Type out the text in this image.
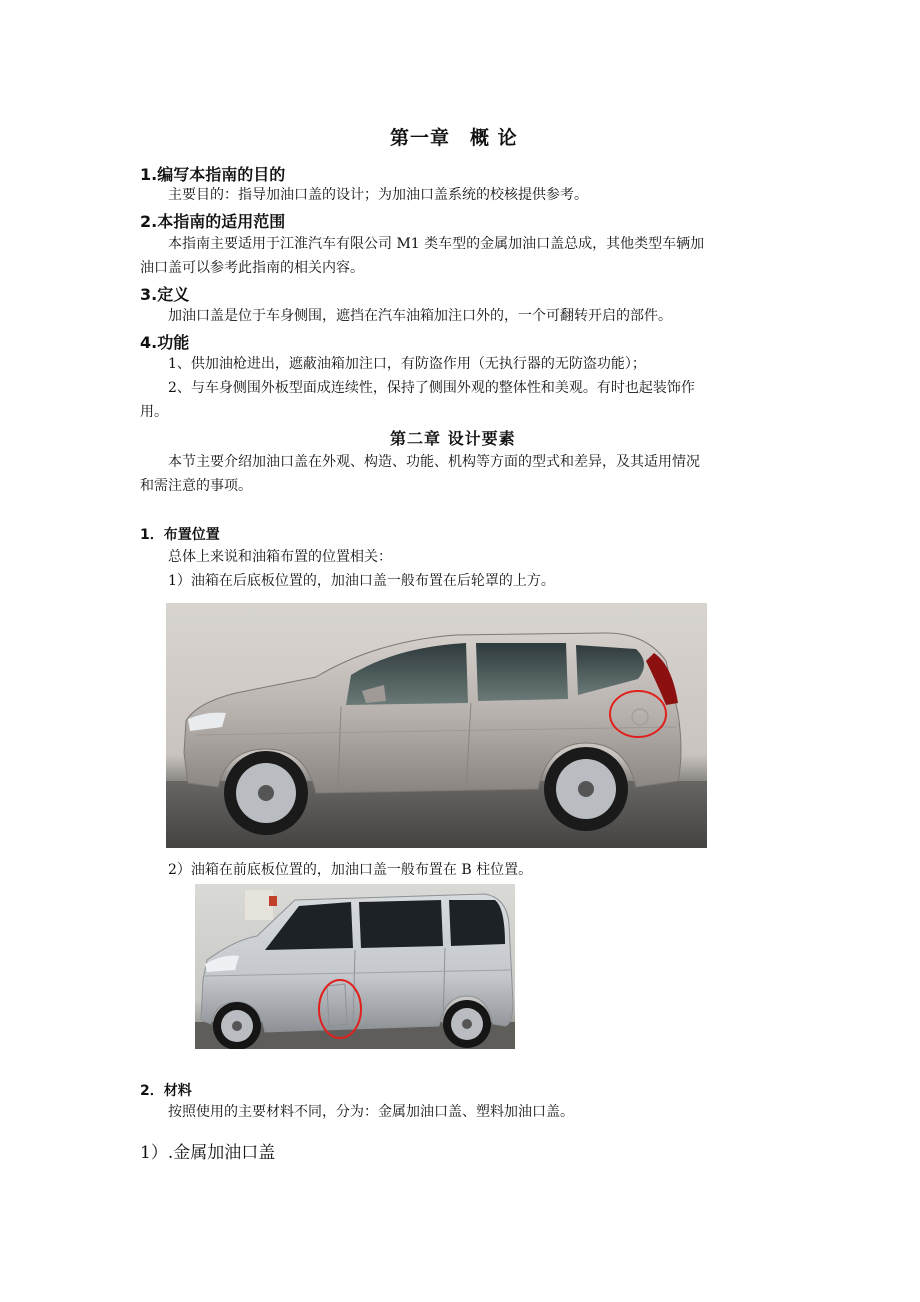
第一章　概 论
1.编写本指南的目的
主要目的：指导加油口盖的设计；为加油口盖系统的校核提供参考。
2.本指南的适用范围
本指南主要适用于江淮汽车有限公司 M1 类车型的金属加油口盖总成，其他类型车辆加
油口盖可以参考此指南的相关内容。
3.定义
加油口盖是位于车身侧围，遮挡在汽车油箱加注口外的，一个可翻转开启的部件。
4.功能
1、供加油枪进出，遮蔽油箱加注口，有防盗作用（无执行器的无防盗功能）；
2、与车身侧围外板型面成连续性，保持了侧围外观的整体性和美观。有时也起装饰作
用。
第二章 设计要素
本节主要介绍加油口盖在外观、构造、功能、机构等方面的型式和差异，及其适用情况
和需注意的事项。
1．布置位置
总体上来说和油箱布置的位置相关：
1）油箱在后底板位置的，加油口盖一般布置在后轮罩的上方。
2）油箱在前底板位置的，加油口盖一般布置在 B 柱位置。
2．材料
按照使用的主要材料不同，分为：金属加油口盖、塑料加油口盖。
1）.金属加油口盖
